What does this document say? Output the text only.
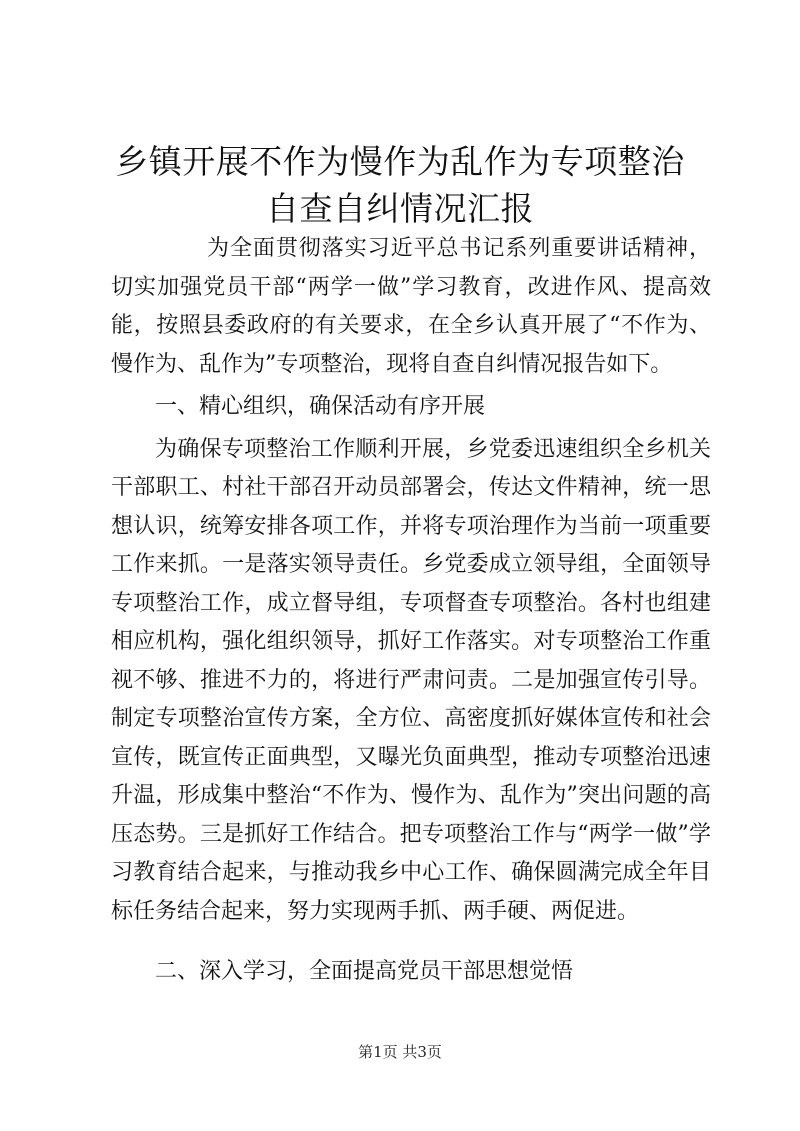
乡镇开展不作为慢作为乱作为专项整治自查自纠情况汇报

为全面贯彻落实习近平总书记系列重要讲话精神，切实加强党员干部“两学一做”学习教育，改进作风、提高效能，按照县委政府的有关要求，在全乡认真开展了“不作为、慢作为、乱作为”专项整治，现将自查自纠情况报告如下。

一、精心组织，确保活动有序开展

为确保专项整治工作顺利开展，乡党委迅速组织全乡机关干部职工、村社干部召开动员部署会，传达文件精神，统一思想认识，统筹安排各项工作，并将专项治理作为当前一项重要工作来抓。一是落实领导责任。乡党委成立领导组，全面领导专项整治工作，成立督导组，专项督查专项整治。各村也组建相应机构，强化组织领导，抓好工作落实。对专项整治工作重视不够、推进不力的，将进行严肃问责。二是加强宣传引导。制定专项整治宣传方案，全方位、高密度抓好媒体宣传和社会宣传，既宣传正面典型，又曝光负面典型，推动专项整治迅速升温，形成集中整治“不作为、慢作为、乱作为”突出问题的高压态势。三是抓好工作结合。把专项整治工作与“两学一做”学习教育结合起来，与推动我乡中心工作、确保圆满完成全年目标任务结合起来，努力实现两手抓、两手硬、两促进。

二、深入学习，全面提高党员干部思想觉悟

第1页 共3页
